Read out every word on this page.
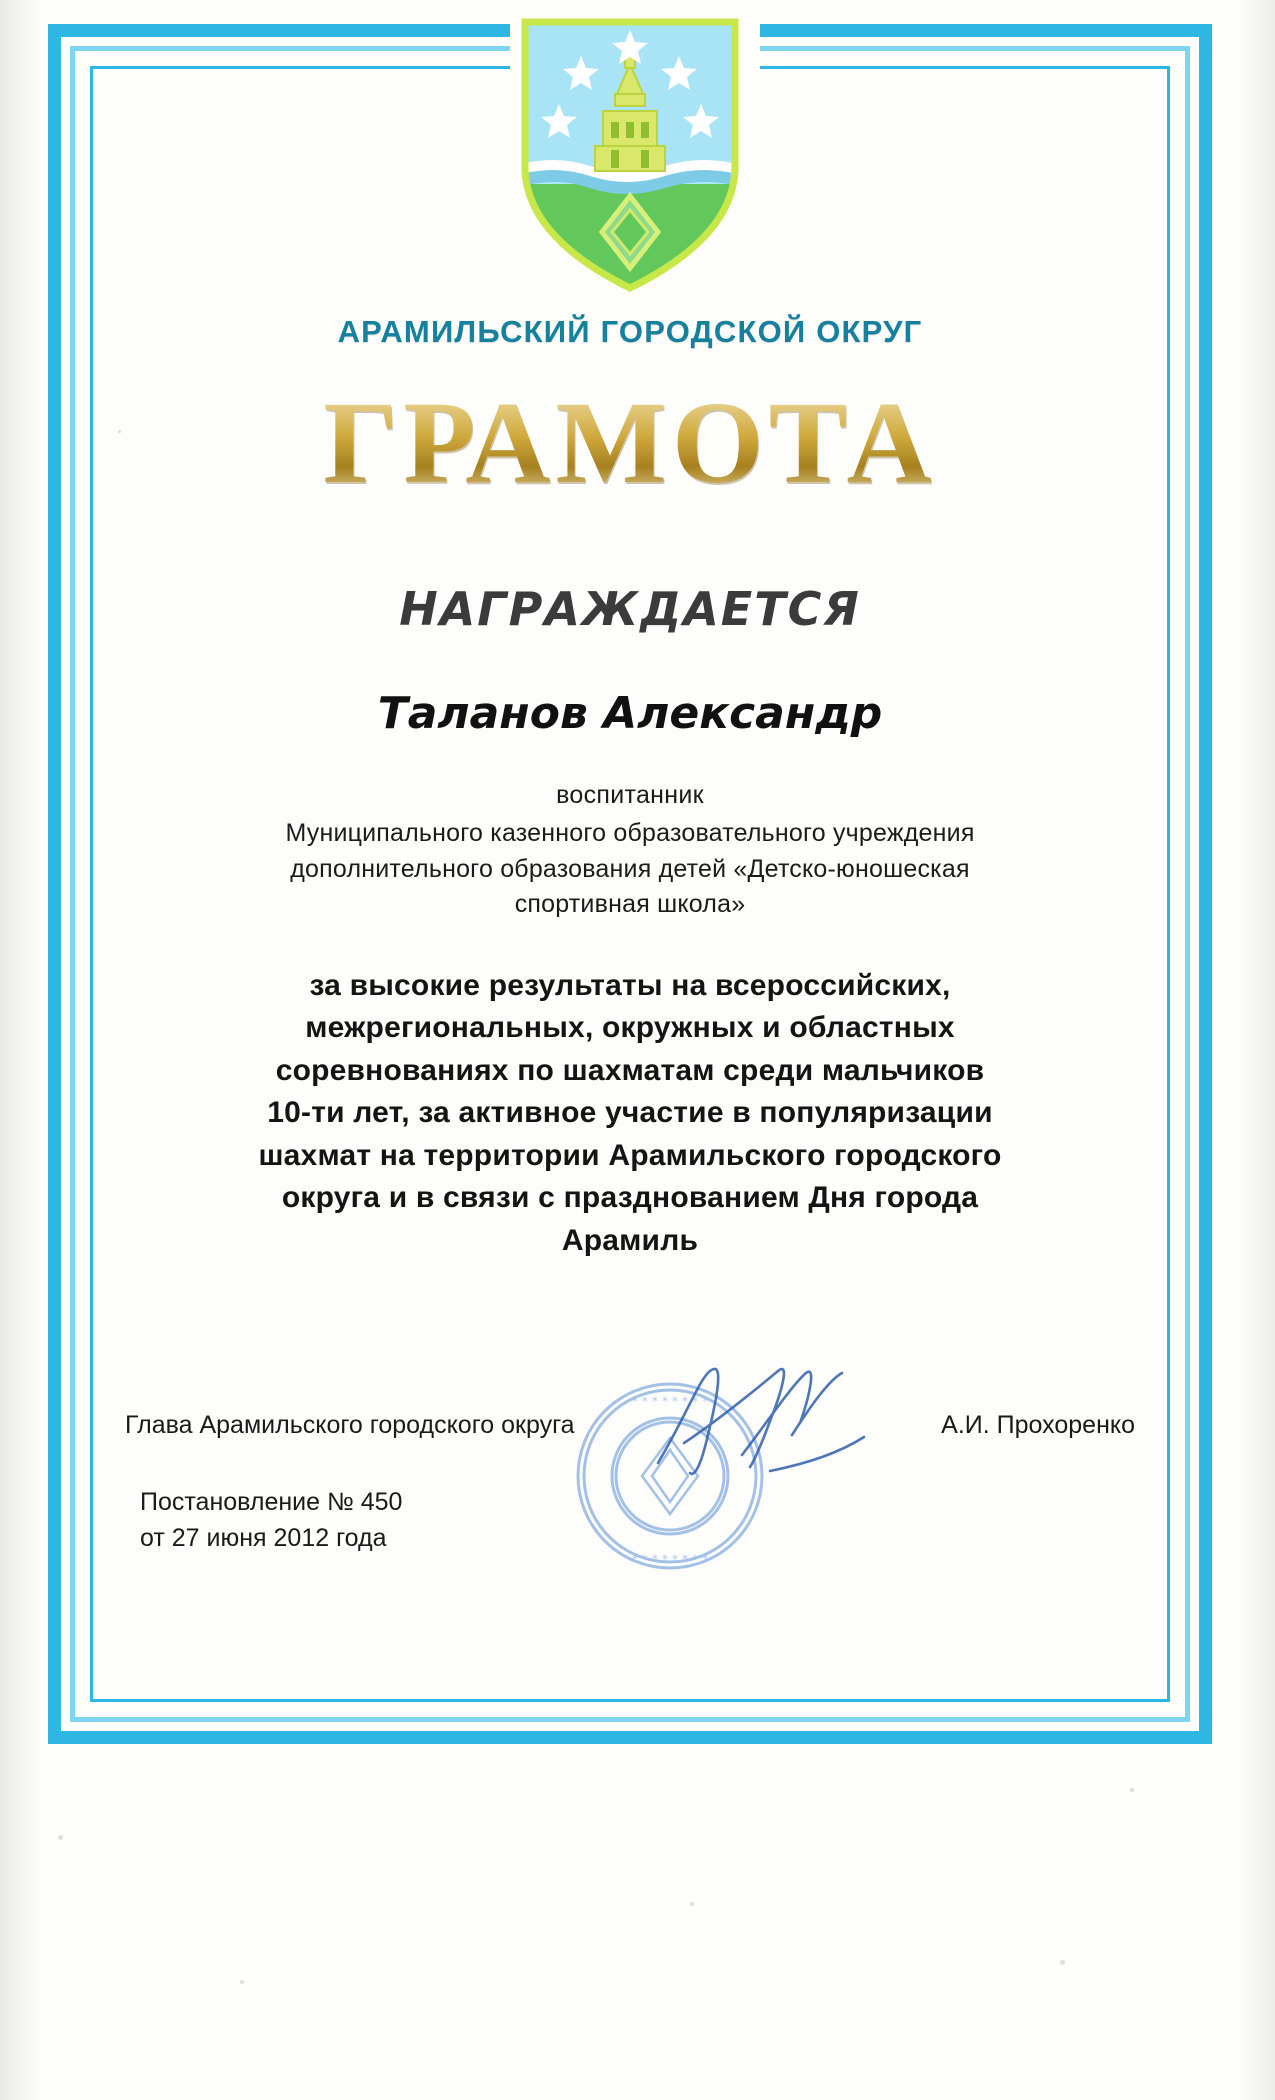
АРАМИЛЬСКИЙ ГОРОДСКОЙ ОКРУГ
ГРАМОТА
НАГРАЖДАЕТСЯ
Таланов Александр
воспитанник
Муниципального казенного образовательного учреждения
дополнительного образования детей «Детско-юношеская
спортивная школа»
за высокие результаты на всероссийских,
межрегиональных, окружных и областных
соревнованиях по шахматам среди мальчиков
10-ти лет, за активное участие в популяризации
шахмат на территории Арамильского городского
округа и в связи с празднованием Дня города
Арамиль
Глава Арамильского городского округа	А.И. Прохоренко
Постановление № 450
от 27 июня 2012 года
∗ ∗ ∗ ∗ ∗ ∗ ∗ ∗
∗ ∗ ∗ ∗ ∗ ∗ ∗ ∗
